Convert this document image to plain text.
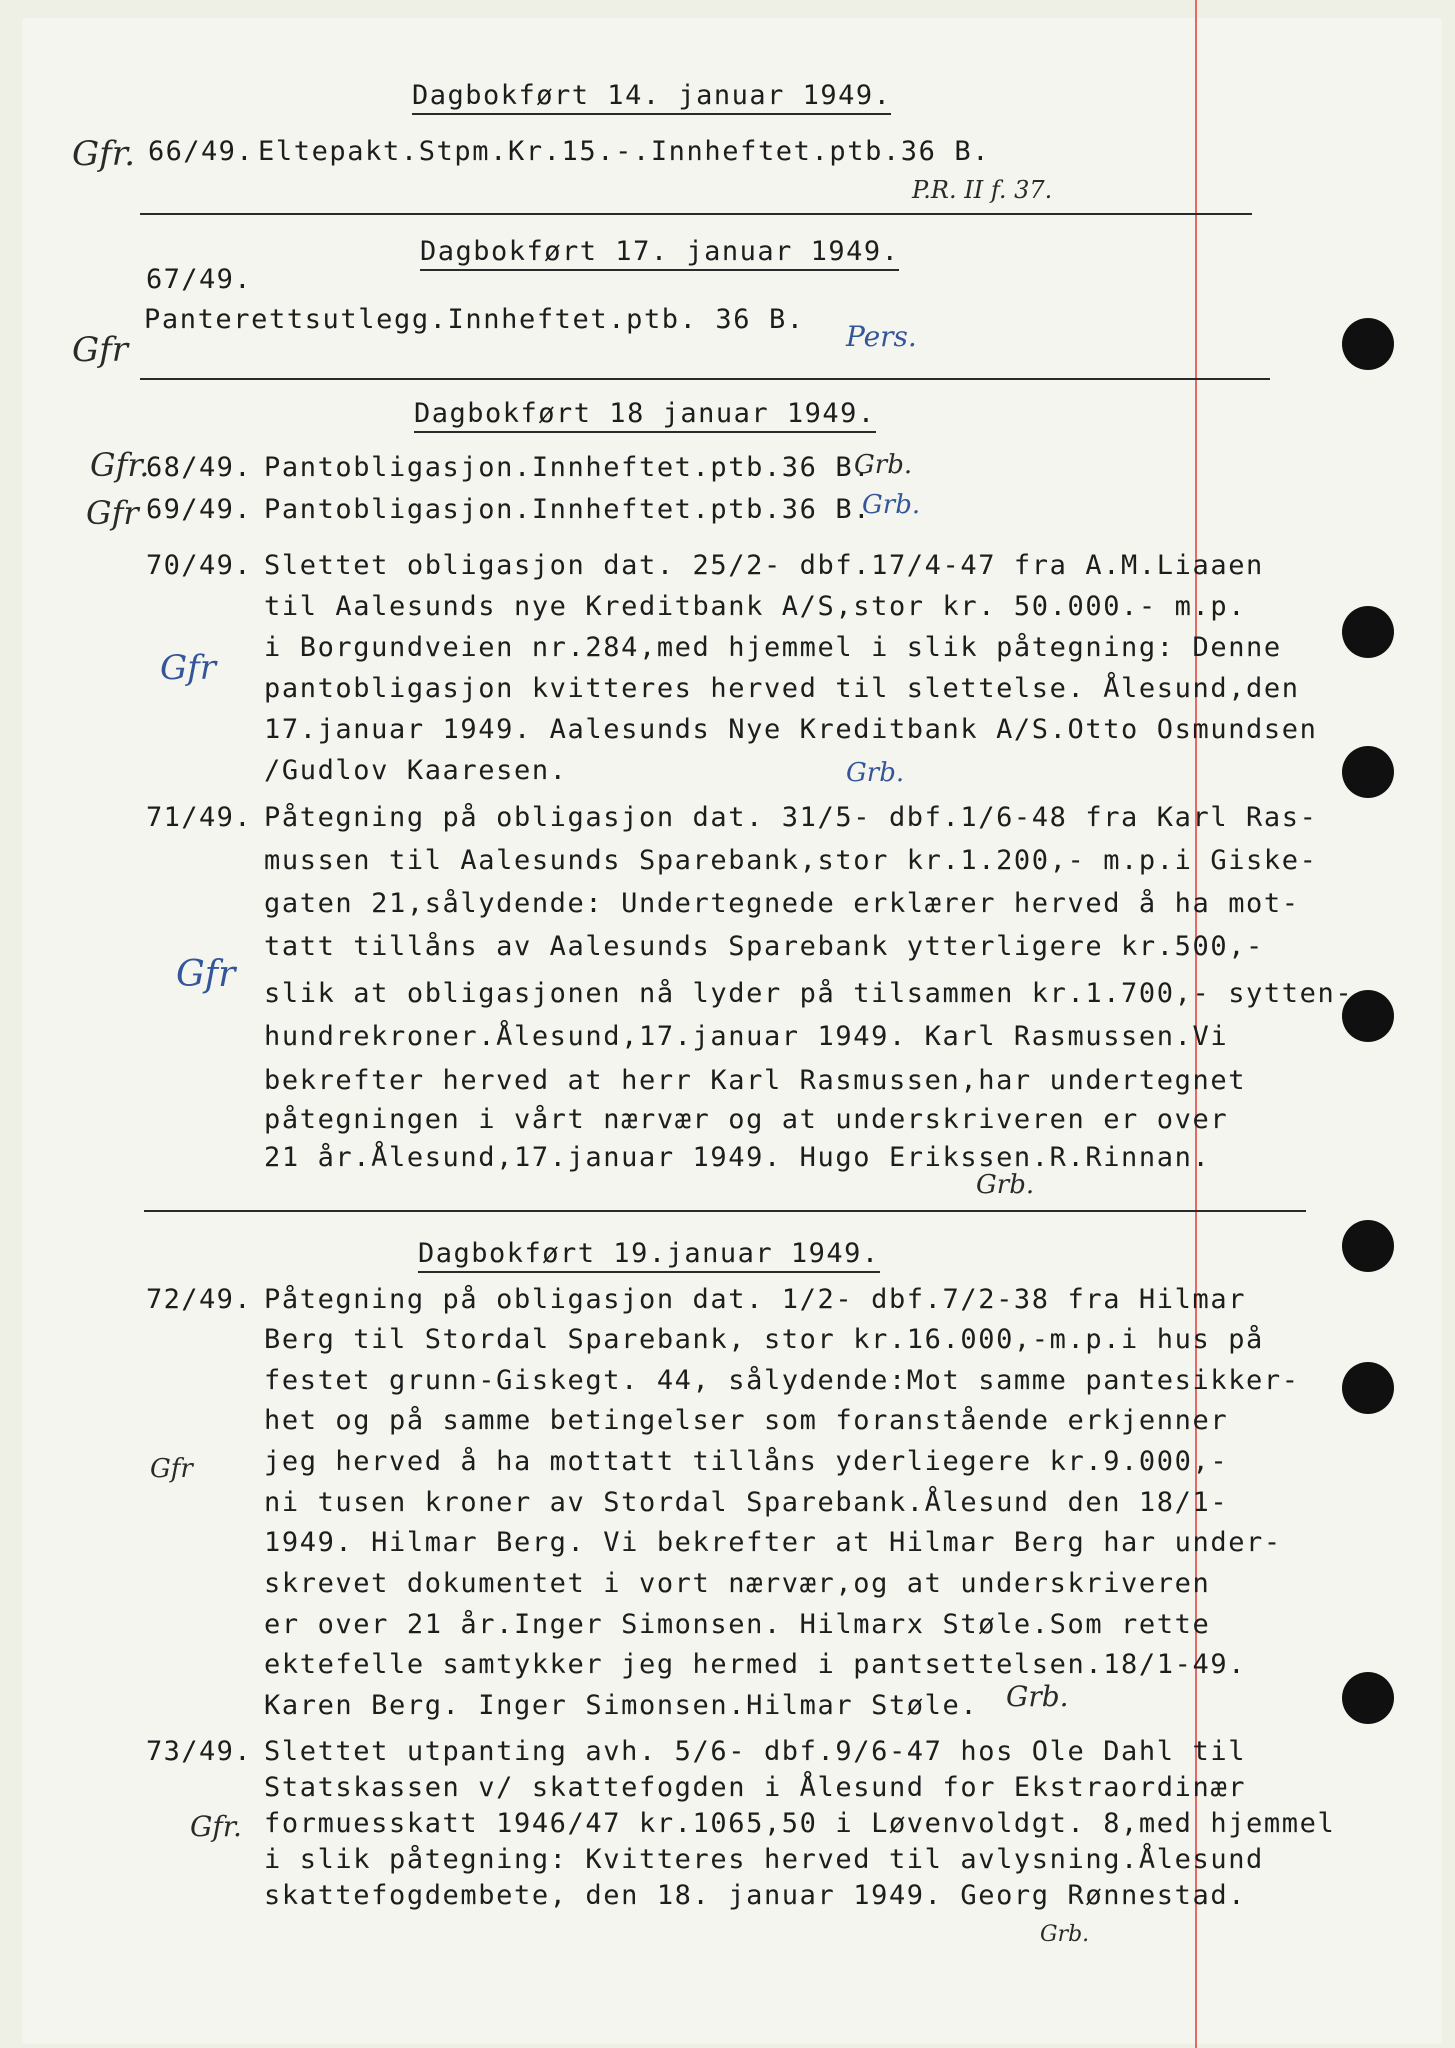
Dagbokført 14. januar 1949.
Gfr. 66/49. Eltepakt.Stpm.Kr.15.-.Innheftet.ptb.36 B.
P.R. II f. 37.
Dagbokført 17. januar 1949.
67/49.
Gfr
Panterettsutlegg.Innheftet.ptb. 36 B.
Pers.
Dagbokført 18 januar 1949.
Gfr.
68/49. Pantobligasjon.Innheftet.ptb.36 B.
Grb.
Gfr 69/49. Pantobligasjon.Innheftet.ptb.36 B.
Grb.
70/49. Slettet obligasjon dat. 25/2- dbf.17/4-47 fra A.M.Liaaen
til Aalesunds nye Kreditbank A/S,stor kr. 50.000.- m.p.
i Borgundveien nr.284,med hjemmel i slik påtegning: Denne
pantobligasjon kvitteres herved til slettelse. Ålesund,den
17.januar 1949. Aalesunds Nye Kreditbank A/S.Otto Osmundsen
/Gudlov Kaaresen.
Gfr
Grb.
71/49. Påtegning på obligasjon dat. 31/5- dbf.1/6-48 fra Karl Ras-
mussen til Aalesunds Sparebank,stor kr.1.200,- m.p.i Giske-
gaten 21,sålydende: Undertegnede erklærer herved å ha mot-
tatt tillåns av Aalesunds Sparebank ytterligere kr.500,-
slik at obligasjonen nå lyder på tilsammen kr.1.700,- sytten-
hundrekroner.Ålesund,17.januar 1949. Karl Rasmussen.Vi
bekrefter herved at herr Karl Rasmussen,har undertegnet
påtegningen i vårt nærvær og at underskriveren er over
21 år.Ålesund,17.januar 1949. Hugo Erikssen.R.Rinnan.
Gfr
Grb.
Dagbokført 19.januar 1949.
72/49. Påtegning på obligasjon dat. 1/2- dbf.7/2-38 fra Hilmar
Berg til Stordal Sparebank, stor kr.16.000,-m.p.i hus på
festet grunn-Giskegt. 44, sålydende:Mot samme pantesikker-
het og på samme betingelser som foranstående erkjenner
jeg herved å ha mottatt tillåns yderliegere kr.9.000,-
ni tusen kroner av Stordal Sparebank.Ålesund den 18/1-
1949. Hilmar Berg. Vi bekrefter at Hilmar Berg har under-
skrevet dokumentet i vort nærvær,og at underskriveren
er over 21 år.Inger Simonsen. Hilmarx Støle.Som rette
ektefelle samtykker jeg hermed i pantsettelsen.18/1-49.
Karen Berg. Inger Simonsen.Hilmar Støle.
Gfr
Grb.
73/49. Slettet utpanting avh. 5/6- dbf.9/6-47 hos Ole Dahl til
Statskassen v/ skattefogden i Ålesund for Ekstraordinær
formuesskatt 1946/47 kr.1065,50 i Løvenvoldgt. 8,med hjemmel
i slik påtegning: Kvitteres herved til avlysning.Ålesund
skattefogdembete, den 18. januar 1949. Georg Rønnestad.
Gfr.
Grb.
